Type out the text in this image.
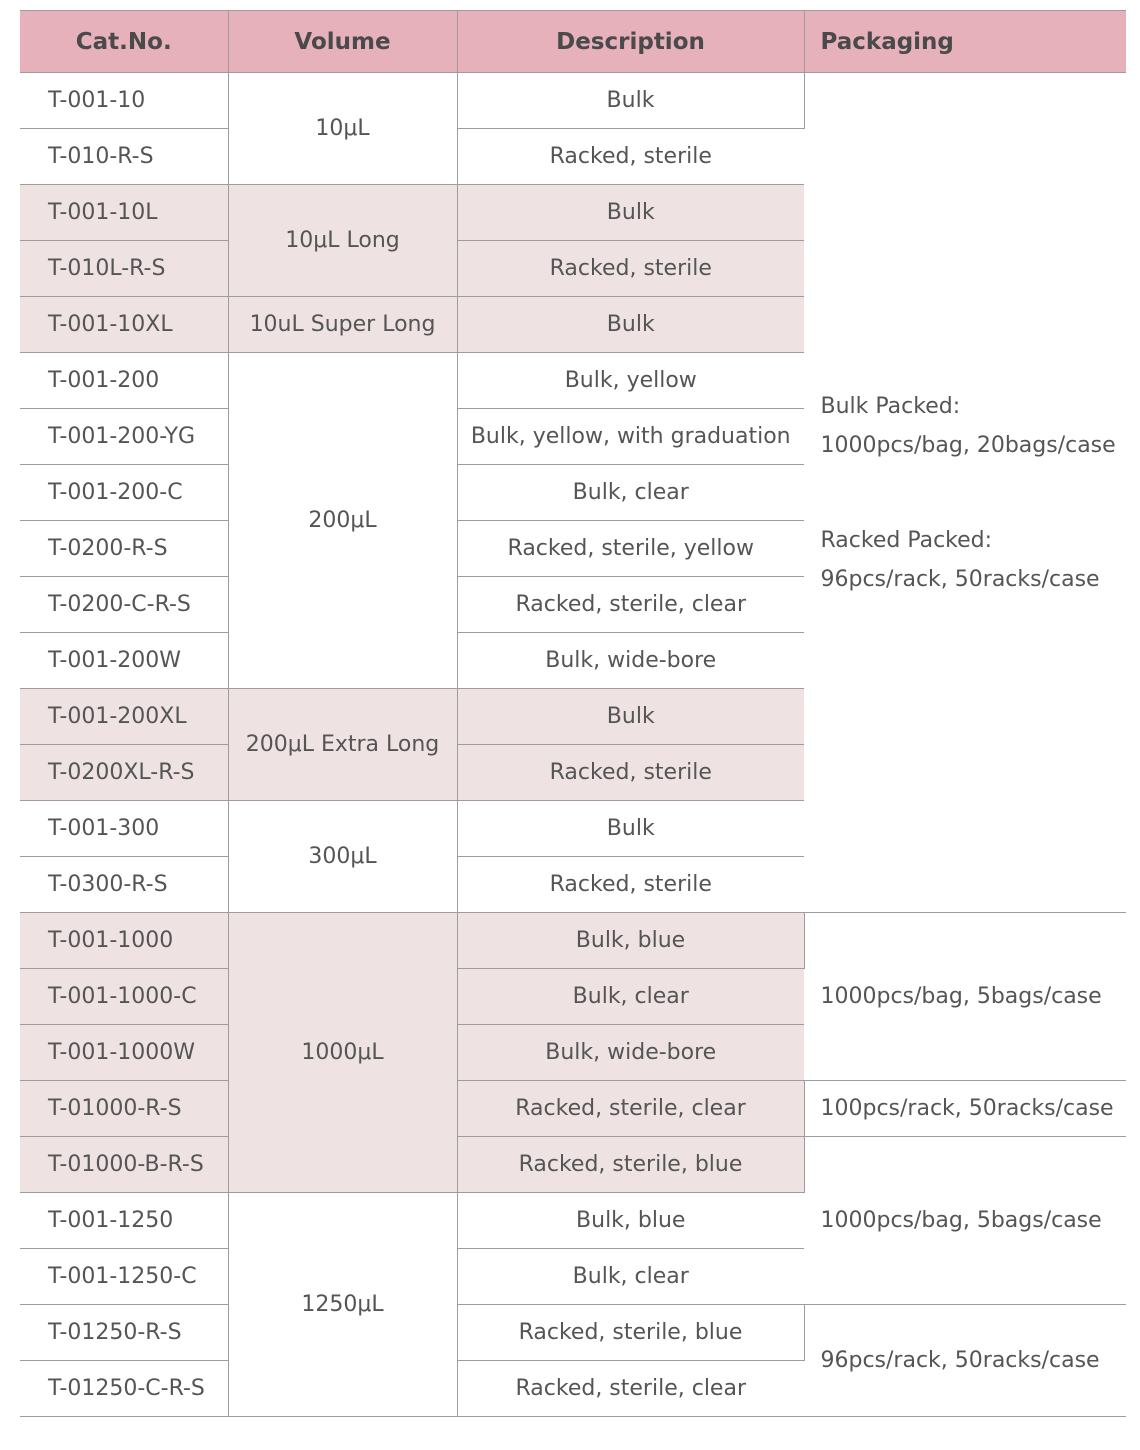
Cat.No.	Volume	Description	Packaging
T-001-10	10μL	Bulk	Bulk Packed:
1000pcs/bag, 20bags/case
Racked Packed:
96pcs/rack, 50racks/case

T-010-R-S		Racked, sterile	
T-001-10L	10μL Long	Bulk	
T-010L-R-S		Racked, sterile	
T-001-10XL	10uL Super Long	Bulk	
T-001-200	200μL	Bulk, yellow	
T-001-200-YG		Bulk, yellow, with graduation	
T-001-200-C		Bulk, clear	
T-0200-R-S		Racked, sterile, yellow	
T-0200-C-R-S		Racked, sterile, clear	
T-001-200W		Bulk, wide-bore	
T-001-200XL	200μL Extra Long	Bulk	
T-0200XL-R-S		Racked, sterile	
T-001-300	300μL	Bulk	
T-0300-R-S		Racked, sterile	
T-001-1000	1000μL	Bulk, blue	1000pcs/bag, 5bags/case
T-001-1000-C		Bulk, clear	
T-001-1000W		Bulk, wide-bore	
T-01000-R-S		Racked, sterile, clear	100pcs/rack, 50racks/case
T-01000-B-R-S		Racked, sterile, blue	1000pcs/bag, 5bags/case
T-001-1250	1250μL	Bulk, blue	
T-001-1250-C		Bulk, clear	
T-01250-R-S		Racked, sterile, blue	96pcs/rack, 50racks/case
T-01250-C-R-S		Racked, sterile, clear	
